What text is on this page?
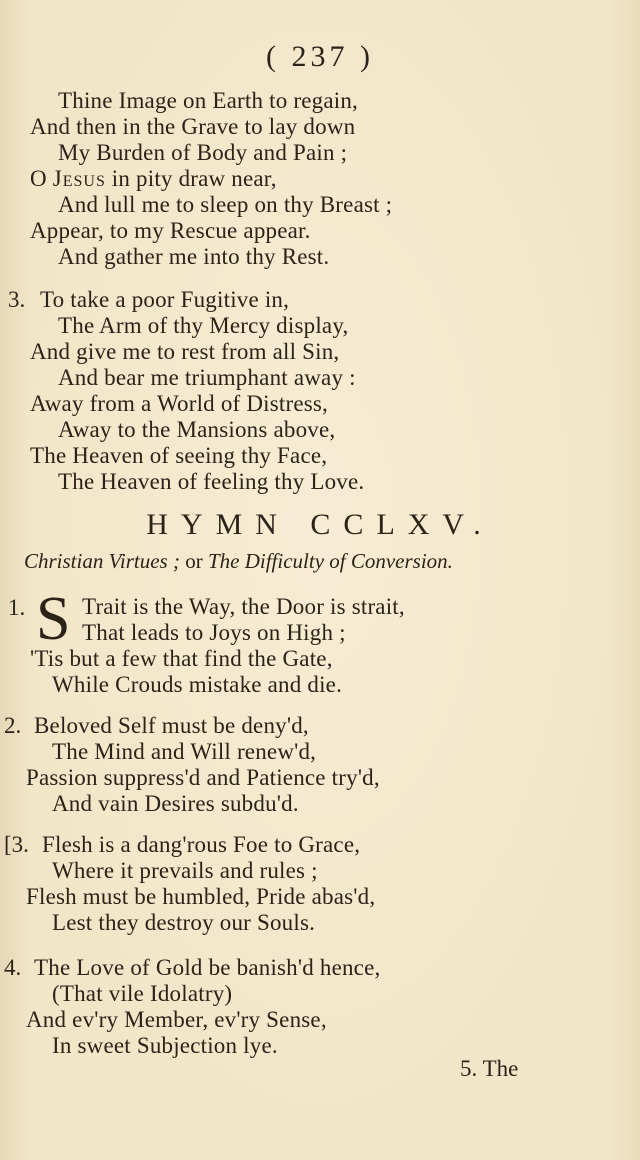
( 237 )
Thine Image on Earth to regain,
And then in the Grave to lay down
My Burden of Body and Pain ;
O Jesus in pity draw near,
And lull me to sleep on thy Breast ;
Appear, to my Rescue appear.
And gather me into thy Rest.
3. To take a poor Fugitive in,
The Arm of thy Mercy display,
And give me to rest from all Sin,
And bear me triumphant away :
Away from a World of Distress,
Away to the Mansions above,
The Heaven of seeing thy Face,
The Heaven of feeling thy Love.
HYMN CCLXV.
Christian Virtues ; or The Difficulty of Conversion.
1. S Trait is the Way, the Door is strait,
That leads to Joys on High ;
'Tis but a few that find the Gate,
While Crouds mistake and die.
2. Beloved Self must be deny'd,
The Mind and Will renew'd,
Passion suppress'd and Patience try'd,
And vain Desires subdu'd.
[3. Flesh is a dang'rous Foe to Grace,
Where it prevails and rules ;
Flesh must be humbled, Pride abas'd,
Lest they destroy our Souls.
4. The Love of Gold be banish'd hence,
(That vile Idolatry)
And ev'ry Member, ev'ry Sense,
In sweet Subjection lye.
5. The
